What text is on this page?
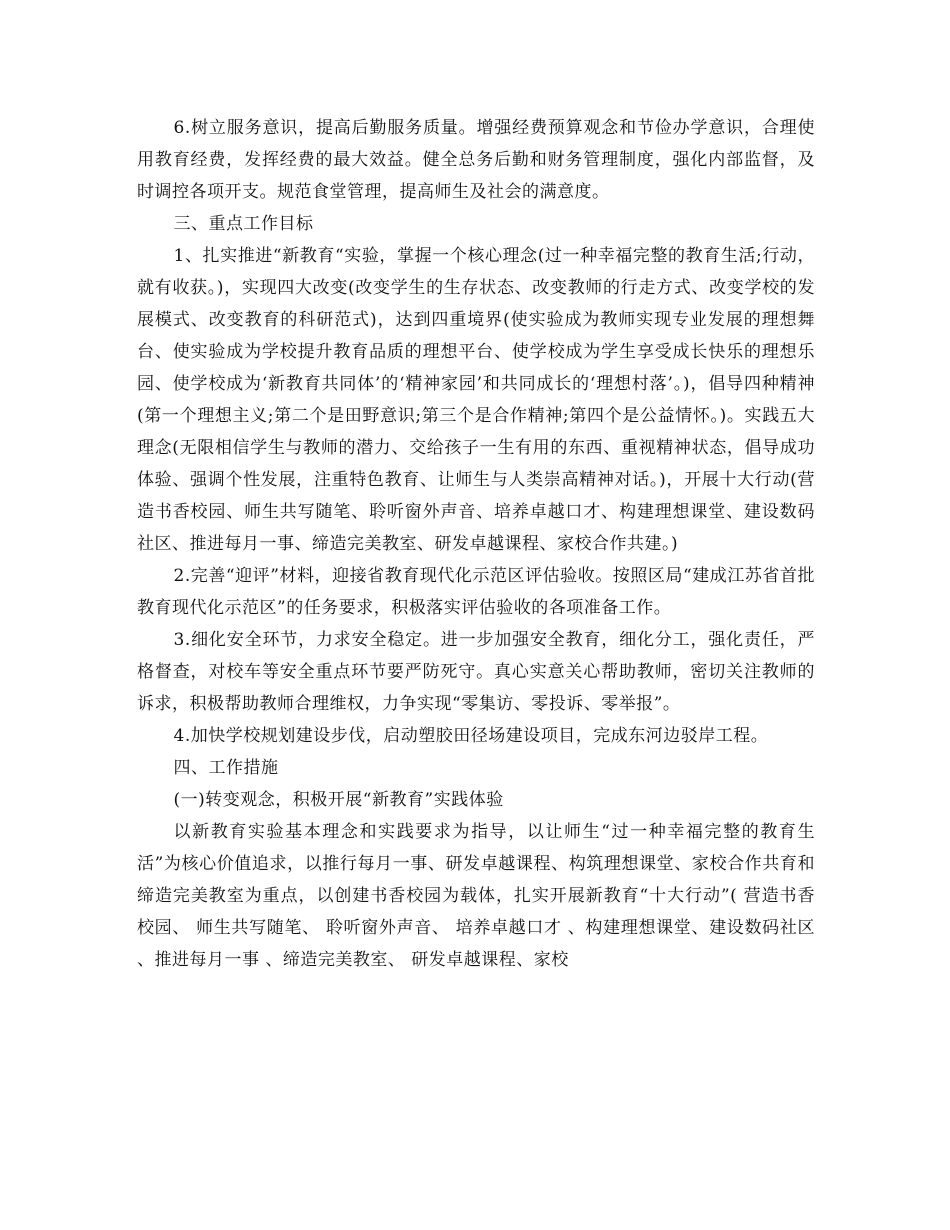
6.树立服务意识，提高后勤服务质量。增强经费预算观念和节俭办学意识，合理使用教育经费，发挥经费的最大效益。健全总务后勤和财务管理制度，强化内部监督，及时调控各项开支。规范食堂管理，提高师生及社会的满意度。

三、重点工作目标

1、扎实推进“新教育“实验，掌握一个核心理念(过一种幸福完整的教育生活;行动，就有收获。)，实现四大改变(改变学生的生存状态、改变教师的行走方式、改变学校的发展模式、改变教育的科研范式)，达到四重境界(使实验成为教师实现专业发展的理想舞台、使实验成为学校提升教育品质的理想平台、使学校成为学生享受成长快乐的理想乐园、使学校成为‘新教育共同体’的‘精神家园’和共同成长的‘理想村落’。)，倡导四种精神(第一个理想主义;第二个是田野意识;第三个是合作精神;第四个是公益情怀。)。实践五大理念(无限相信学生与教师的潜力、交给孩子一生有用的东西、重视精神状态，倡导成功体验、强调个性发展，注重特色教育、让师生与人类崇高精神对话。)，开展十大行动(营造书香校园、师生共写随笔、聆听窗外声音、培养卓越口才、构建理想课堂、建设数码社区、推进每月一事、缔造完美教室、研发卓越课程、家校合作共建。)

2.完善“迎评”材料，迎接省教育现代化示范区评估验收。按照区局“建成江苏省首批教育现代化示范区”的任务要求，积极落实评估验收的各项准备工作。

3.细化安全环节，力求安全稳定。进一步加强安全教育，细化分工，强化责任，严格督查，对校车等安全重点环节要严防死守。真心实意关心帮助教师，密切关注教师的诉求，积极帮助教师合理维权，力争实现“零集访、零投诉、零举报”。

4.加快学校规划建设步伐，启动塑胶田径场建设项目，完成东河边驳岸工程。

四、工作措施

(一)转变观念，积极开展“新教育”实践体验

以新教育实验基本理念和实践要求为指导，以让师生“过一种幸福完整的教育生活”为核心价值追求，以推行每月一事、研发卓越课程、构筑理想课堂、家校合作共育和缔造完美教室为重点，以创建书香校园为载体，扎实开展新教育“十大行动”( 营造书香校园、 师生共写随笔、 聆听窗外声音、 培养卓越口才 、构建理想课堂、建设数码社区 、推进每月一事 、缔造完美教室、 研发卓越课程、家校
